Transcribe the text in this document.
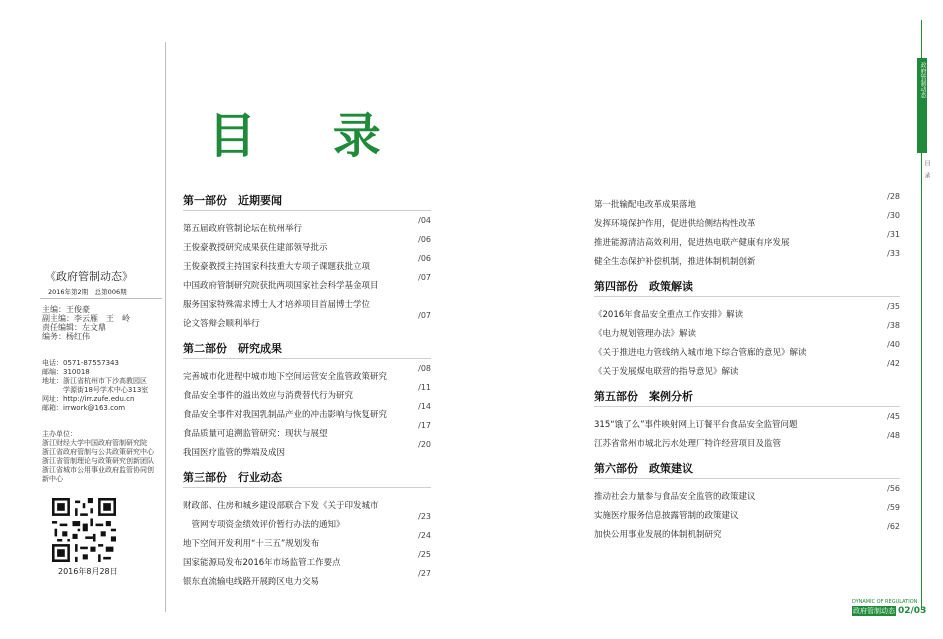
《政府管制动态》
2016年第2期　总第006期
主编：王俊豪
副主编：李云雁　王　岭
责任编辑：左文鼎
编务：杨红伟
电话：0571-87557343
邮编：310018
地址：浙江省杭州市下沙高教园区
　　　学源街18号学术中心313室
网址：http://irr.zufe.edu.cn
邮箱：irrwork@163.com
主办单位：
浙江财经大学中国政府管制研究院
浙江省政府管制与公共政策研究中心
浙江省管制理论与政策研究创新团队
浙江省城市公用事业政府监管协同创
新中心
2016年8月28日
目 录
第一部份　近期要闻
第五届政府管制论坛在杭州举行
/04
王俊豪教授研究成果获住建部领导批示
/06
王俊豪教授主持国家科技重大专项子课题获批立项
/06
中国政府管制研究院获批两项国家社会科学基金项目
/07
服务国家特殊需求博士人才培养项目首届博士学位
论文答辩会顺利举行
/07
第二部份　研究成果
完善城市化进程中城市地下空间运营安全监管政策研究
/08
食品安全事件的溢出效应与消费替代行为研究
/11
食品安全事件对我国乳制品产业的冲击影响与恢复研究
/14
食品质量可追溯监管研究：现状与展望
/17
我国医疗监管的弊端及成因
/20
第三部份　行业动态
财政部、住房和城乡建设部联合下发《关于印发城市
　管网专项资金绩效评价暂行办法的通知》
/23
地下空间开发利用“十三五”规划发布
/24
国家能源局发布2016年市场监管工作要点
/25
银东直流输电线路开展跨区电力交易
/27
第一批输配电改革成果落地
/28
发挥环境保护作用，促进供给侧结构性改革
/30
推进能源清洁高效利用，促进热电联产健康有序发展
/31
健全生态保护补偿机制，推进体制机制创新
/33
第四部份　政策解读
《2016年食品安全重点工作安排》解读
/35
《电力规划管理办法》解读
/38
《关于推进电力管线纳入城市地下综合管廊的意见》解读
/40
《关于发展煤电联营的指导意见》解读
/42
第五部份　案例分析
315“饿了么”事件映射网上订餐平台食品安全监管问题
/45
江苏省常州市城北污水处理厂特许经营项目及监管
/48
第六部份　政策建议
推动社会力量参与食品安全监管的政策建议
/56
实施医疗服务信息披露管制的政策建议
/59
加快公用事业发展的体制机制研究
/62
政府管制动态
目　录
DYNAMIC OF REGULATION
政府管制动态 02/03
